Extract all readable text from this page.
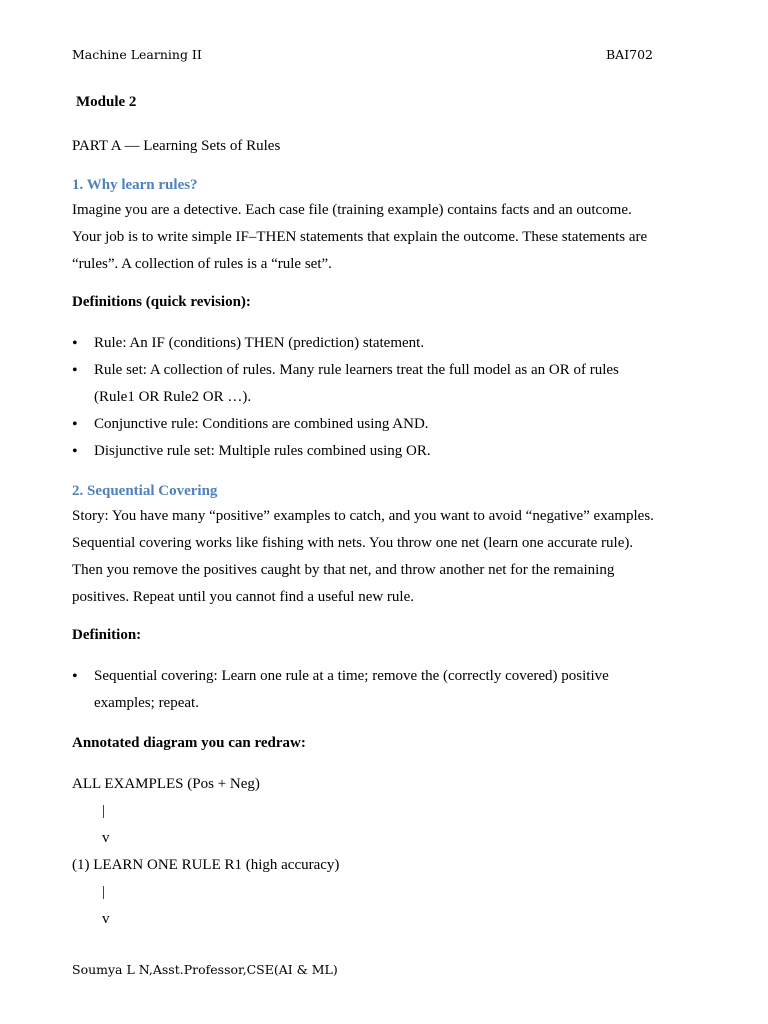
Machine Learning II	BAI702
Module 2
PART A — Learning Sets of Rules
1. Why learn rules?

Imagine you are a detective. Each case file (training example) contains facts and an outcome. Your job is to write simple IF–THEN statements that explain the outcome. These statements are “rules”. A collection of rules is a “rule set”.

Definitions (quick revision):
• Rule: An IF (conditions) THEN (prediction) statement.
• Rule set: A collection of rules. Many rule learners treat the full model as an OR of rules (Rule1 OR Rule2 OR …).
• Conjunctive rule: Conditions are combined using AND.
• Disjunctive rule set: Multiple rules combined using OR.
2. Sequential Covering

Story: You have many “positive” examples to catch, and you want to avoid “negative” examples. Sequential covering works like fishing with nets. You throw one net (learn one accurate rule). Then you remove the positives caught by that net, and throw another net for the remaining positives. Repeat until you cannot find a useful new rule.

Definition:
• Sequential covering: Learn one rule at a time; remove the (correctly covered) positive examples; repeat.
Annotated diagram you can redraw:
ALL EXAMPLES (Pos + Neg)
|
v
(1) LEARN ONE RULE R1 (high accuracy)
|
v
Soumya L N,Asst.Professor,CSE(AI & ML)
